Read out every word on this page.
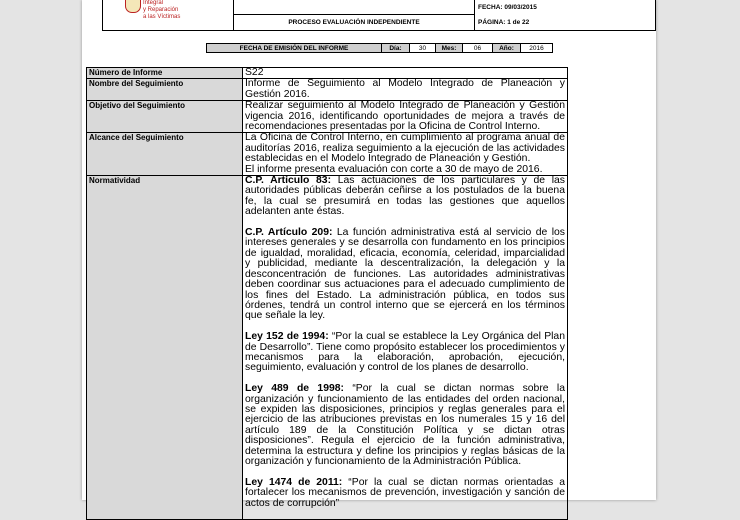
Integral
y Reparación
a las Víctimas
PROCESO EVALUACIÓN INDEPENDIENTE
FECHA: 09/03/2015
PÁGINA: 1 de 22
FECHA DE EMISIÓN DEL INFORME	Día:	30	Mes:	06	Año:	2016
Número de Informe	S22
Nombre del Seguimiento	Informe de Seguimiento al Modelo Integrado de Planeación y Gestión 2016.
Objetivo del Seguimiento	Realizar seguimiento al Modelo Integrado de Planeación y Gestión vigencia 2016, identificando oportunidades de mejora a través de recomendaciones presentadas por la Oficina de Control Interno.
Alcance del Seguimiento	La Oficina de Control Interno, en cumplimiento al programa anual de auditorías 2016, realiza seguimiento a la ejecución de las actividades establecidas en el Modelo Integrado de Planeación y Gestión.
El informe presenta evaluación con corte a 30 de mayo de 2016.

Normatividad	C.P. Artículo 83: Las actuaciones de los particulares y de las autoridades públicas deberán ceñirse a los postulados de la buena fe, la cual se presumirá en todas las gestiones que aquellos adelanten ante éstas.

C.P. Artículo 209: La función administrativa está al servicio de los intereses generales y se desarrolla con fundamento en los principios de igualdad, moralidad, eficacia, economía, celeridad, imparcialidad y publicidad, mediante la descentralización, la delegación y la desconcentración de funciones. Las autoridades administrativas deben coordinar sus actuaciones para el adecuado cumplimiento de los fines del Estado. La administración pública, en todos sus órdenes, tendrá un control interno que se ejercerá en los términos que señale la ley.

Ley 152 de 1994: “Por la cual se establece la Ley Orgánica del Plan de Desarrollo”. Tiene como propósito establecer los procedimientos y mecanismos para la elaboración, aprobación, ejecución, seguimiento, evaluación y control de los planes de desarrollo.

Ley 489 de 1998: “Por la cual se dictan normas sobre la organización y funcionamiento de las entidades del orden nacional, se expiden las disposiciones, principios y reglas generales para el ejercicio de las atribuciones previstas en los numerales 15 y 16 del artículo 189 de la Constitución Política y se dictan otras disposiciones”. Regula el ejercicio de la función administrativa, determina la estructura y define los principios y reglas básicas de la organización y funcionamiento de la Administración Pública.

Ley 1474 de 2011: “Por la cual se dictan normas orientadas a fortalecer los mecanismos de prevención, investigación y sanción de actos de corrupción”
